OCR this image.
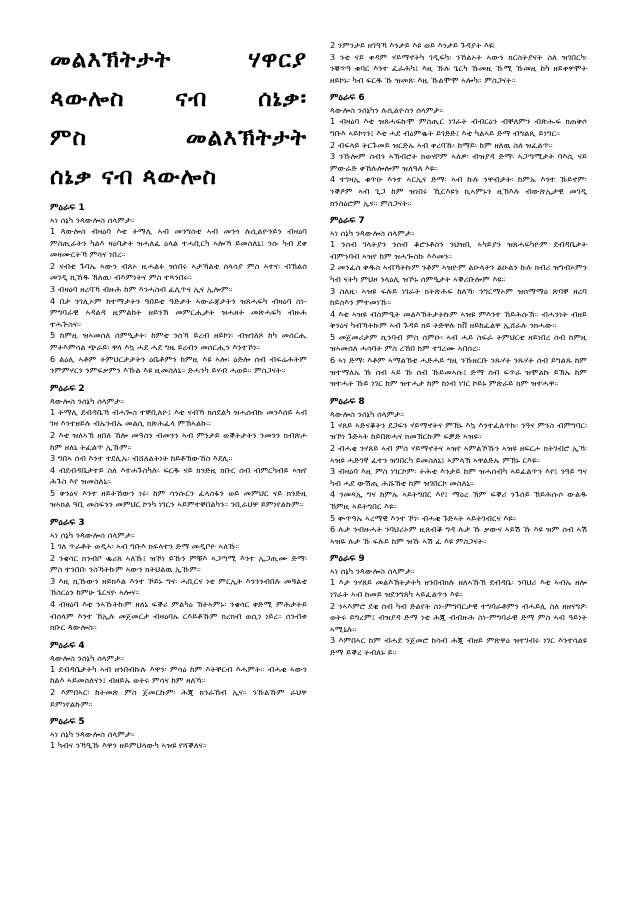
መልእኽትታት ሃዋርያ
ጳውሎስ ናብ ሰኔቃ፡
ምስ መልእኽትታት
ሰኔቃ ናብ ጳውሎስ
ምዕራፍ 1
ኣነ ሰኔካ ንጳውሎስ ሰላምታ።

1 ጳውሎስ ብዛዕባ እቲ ትማሊ ኣብ መንግስቲ ኣብ መንጎ ሉሲልዮንይን ብዛዕባ ምስጢራትን ካልእ ዛዕባታት ዝሓለፈ ዕላል ተሓቢርካ ኣሎኻ ይመስለኒ፤ ንሱ ካብ ደቀ መዛሙርትኻ ምሳና ነበረ።

2 ናብቲ ጉባኤ ኣውን ብጸኦ ዚሓልፉ ዝነበሩ ኣታኻልቲ ሰላሳያ ምስ ኣተና፡ ብኽልሰ መገዲ ኪኸዱ ኸለዉ፡ ብእምነትና ምስ ተጻንበሩ።

3 ብዛዕባ ዘረባኻ ብዙሕ ከም እንሓስብ ፈሊጥና ኢና ኢሎም።

4 በታ ንገሊኦም ከተማታትን ዓበይቲ ዓድታት ኣውራጃታትን ዝጸሓፍካ ብዛዕባ ስነ-ምግባራዊ ኣዳልዳ ዚምልከት ዘይንኽ መምርሒታት ዝሓዘት መጽሓፍካ ብዙሕ ተሓጕስና።

5 ከምዚ ዝኣመሰለ ሰምዒታት፡ ከምቲ ንሰኻ ይረብ ዘይኮነ፡ ብዝገለጾ ከካ መሰርሒ ምትእምሳል ጭራይ፡ ዋላ እኳ ሓደ ሓደ ግዜ ይረብን መሰርሒን እንተኾነ።

6 ልዕሊ ኣቶም ትምህርታታትን ዕቤቶምን ከምዚ እዩ ኣሎ፡ ዕድሎ ሰብ ብፍሬሕትም ንምምሃርን ንምፍቃምን እኹል እዩ ዚመስለኒ። ድሓንካ ይሃብ ሓወይ። ምስጋናት።

ምዕራፍ 2
ጳውሎስ ንሰኔካ ሰላምታ።

1 ትማሊ ደብዳቤኻ ብሓጐስ ተቐቢለዮ፤ እቲ ናብኻ ክሰደልካ ዝሓሰብኩ መንእሰይ ኣብ ገዛ እንተዘይሉ ብኡንብኡ መልሲ ክጽሕፈላ ምኽኣልኩ።

2 እቲ ዝለኣኽ ዘበለ ኸሎ መዓስን ብመንን ኣብ ምንታይ ወቕትታትን ንመንን ክብጽሖ ከም ዘለኒ ትፈልጥ ኢኹም።

3 ግበኣ ሰብ እንተ ተደሊኡ፡ ብሸለልትነት ከይቶኽውኸስ እደሊ።

4 ብደብዳቤታተይ ስለ እተሐጉስካሉ፡ ፍርዱ ናይ ክንድዚ ክቡር ሰብ ብምርካብይ ኣዝየ ሕጉስ እየ ዝመስለኒ።

5 ቅንዕና እንተ ዘይትኸውን ነሩ፡ ከም ሳንሱርን ፈላስፋን ወይ መምህር ናይ ክንድዚ ዝኣክል ዓቢ መስፍንን መምህር ኮንካ ነገርን ኣይምተቐበልካን። ንቢራህዋ ይምነየልኩም።

ምዕራፍ 3
ኣነ ሰኔካ ንጳውሎስ ሰላምታ።

1 ገለ ጥራቶት ወዲኣ፡ ኣብ ግቡእ ክፍላተን ድማ መዲቦዮ ኣለኹ።

2 ንቄሳር ክንብቦ ቈሪጸ ኣለኹ፤ ዝኾነ ይኹን ምቹእ ኣጋጣሚ እንተ ኢጋጢሙ ድማ፡ ምስ ተንበበ፡ ንስኻትኩም ኣውን ክትህልዉ ኢኹም።

3 እዚ ኪኹውን ዘይክእል እንተ ኾይኑ ግና፡ ሓቢርና ነቲ ምርኢት እንንንብበሉ መዓልቲ ኸስርዕን ከምሁ ጌርናዮ ኣሎና።

4 ብዛዕባ እቲ ንኣኹትኩም ዘለኒ ፍቕሪ ምልካዕ ኽትኣምኑ፡ ንቄሳር ቅድሚ ምሕታትይ ብሰላም እንተ ኸኢሉ መጀመርታ ብዛዕባኡ ርእይቶኹም ክረክብ ወሲነ ነይረ። ሰንብቱ ክቡር ጳውሎስ።

ምዕራፍ 4
ጳውሎስ ንሰኔካ ሰላምታ።

1 ደብዳቤታትካ ኣብ ዘንበብኩሉ እዋን፡ ምሳዕ ከም እትቐርብ እሓምት። ብሓቂ ኣውን ከልእ ኣይመስለናን፤ ብዘይኡ ወትሩ ምሳና ከም ዘለኻ።

2 እምበኣር፡ ከትመጽ ምስ ጀመርኩም፡ ሕጂ ክንራኸብ ኢና። ንኹልኹም ራህዋ ይምነየልኩም።

ምዕራፍ 5
ኣነ ሰኔካ ንጳውሎስ ሰላምታ።

1 ካብና ንኻዒኹ እዋን ዘይምህላውካ ኣዝዩ የሻቕለና።

2 ንምንታይ ዘገዓኻ እንታይ እዩ ወይ እንታይ ጉዳያት እዩ፧

3 ንቲ ናይ ቀዳም ሃይማኖትካ ገዲፍካ፡ ንኸልኦት ኣውን ክርስትያናት ስለ ዝገበርካ፡ ንቑጥዓ ቁባር እንተ ፈራሕካ፤ እዚ ኹሉ ጌርካ ኹመዚ ኹሚ ኹመዚ ከካ ዘይቀዋሞት ዘይኮኑ፡ ካብ ፍርዱ ኹ ዝመጸ፡ እዚ ኹልሞሞ ኣሎካ። ምስጋናት።

ምዕራፍ 6
ጳውሎስ ንሰኔካን ሉሲልዮስን ሰላምታ።

1 ብዛዕባ እቲ ዝጸሓፍኩሞ ምስጢር ነገራት ብብርዕን ብቐለምን ብጽሑፍ ክጠቅሶ ግቡእ ኣይኮነን፤ እቲ ሓደ ብዕምቈት ይገድድ፤ እቲ ካልኣይ ድማ ብግልጺ ይነግር።

2 ብፍላይ ትርጉመይ ዝርድኡ ኣብ ቀረባኹ፡ ከማይ፡ ከም ዘለዉ ስለ ዝፈልጥ።

3 ንኹሎም ሰብን ኣኽብሮት ክወሃቦም ኣለዎ፡ ብዝያዳ ድማ፡ ኣጋጣሚታት ባእሲ ናይ ምውራድ ቀኸሉሎሎም ዝለዓለ እዩ።

4 ተገዛኢ ቁጥዑ እንተ ኣርኢና ድማ፡ ኣብ ኩሉ ንዋብታት፡ ከምኡ እንተ ኹይኖም፡ ንቕዖም ኣብ ጊጋ ከም ዝነበሩ ኺርእዩን ኪኣምኑን ዚኽእሉ ብውጽኢታዊ መገዲ ክንስዕሮም ኢና። ምስጋናት።

ምዕራፍ 7
ኣነ ሰኔካ ንጳውሎስ ሰላምታ።

1 ንስብ ገላትያን ንሰብ ቆሮንቶስን ንህዝቢ ኣካይያን ዝጸሓፍካዮም ደብዳቤታት ብምንባብ ኣዝየ ከም ዝሓጐስኩ እእመን።

2 መንፈስ ቅዱስ ኣብኻትኩም ንቶም ኣዝዮም ልዑላትን ልዑልን ኩሉ ክብሪ ዝግብኦምን ካብ ናትካ ምህዞ ንላዕሊ ዝኾኑ ሰምዒታት ኣቕሪቡሎም እዩ።

3 ስለዚ፡ ኣዝዩ ፍሉይ ነገራት ክትጽሕፍ ከለኻ፡ ንግርማኦም ዝሰማማዕ ጽባቐ ዘረባ ከይስእን ምተመነኹ።

4 እቲ ኣዝዩ ብስምዒት መልእኽትታትኩም ኣዝዩ ምእንተ ኸይሕሱኽ። ብሓንነት ብዘይ ቅንዕና ካብኻትኩም ኣብ ጉዳይ ክይ ትድዋሉ ክቨ ዘይከፈልዋ ኢሸራሉ ንክሓው።

5 መጀመሪታም ኪንባብ ምስ ሰምዑ፡ ኣብ ሓይ ስፍራ ትምህርቲ ዘይነበረ ሰብ ከምዚ ዝኣመሰለ ሓሳባት ምስ ረኸበ ከም ተገረሙ ኣበሰረ።

6 ኣነ ድማ፡ እቶም ኣማልኽቲ ሓድሓይ ግዚ ንኹዘርቡ ንጹሃት ንጹሃት ሰብ ይግልጹ ከም ዝተማለኡ ኹ ሰብ ኣይ ኹ ሰብ ኹይመኣሱ፤ ድማ ሰብ ፍጥራ ዝሞልኩ ይኽኡ ከም ዝተሓት ኹይ ነገር ከም ዝተሓታ ከም ከነብ ነገር ኮይኑ ምጽራይ ክም ዝተሓዋ።

ምዕራፍ 8
ጳውሎስ ንሰኔካ ሰላምታ።

1 ሃጸይ ኣድናቖትን ደጋፍን ሃይማኖትና ምኽኑ እኳ እንተፈለጥኩ፡ ንዓና ምንስ ብምግባር፡ ዝኾነ ጉድኣት ከይበጽሓና ክመኽርኩም ፍቓድ ኣዝዩ።

2 ብሓቂ ንሃጸይ ኣብ ምስ ሃይማኖትና ኣዝየ ኣምልኾኹን ኣዝዩ ዘፍርሖ ክትገብሮ ኢኻ፡ ኣዝዩ ሓድገኛ ፈተን ዝገበርካ ይመስለኒ፤ ኣምላኽ ኣዋልድኡ ምኽኑ ርእዩ።

3 ብዛዕባ እዚ ምስ ነገርኮም፡ ትሕቲ እንታይ ከም ዝሓሰብካ ኣይፈልጥን እየ፤ ንዓይ ግና ካብ ሓደ ውሽጢ ሕሹኽቲ ከም ዝገበርኮ መስለኒ።

4 ንመጻኢ ግና ከምኡ ኣይትግበር እየ፤ ማዕረ ኽም ፍቕሪ ንጉሰይ ኽይሕሱሶ ውልዱ ኽምዚ ኣይትግበር እዩ።

5 ቍጥዓኡ ኣረማዊ እንተ ኾነ፡ ብሓቂ ጉድኣት ኣይትገብርና እዩ።

6 ሉታ ንብዙሓት ንባህሪኦም ዚጸብቖ ግዳ ሉታ ኹ ቃውና ኣይሽ ኹ እዩ ዝም ሰብ ኣሽ ኣዝዬ ሉታ ኹ ፍሉይ ከም ዝኹ ኣሽ ፈ እዩ ምስጋናት።

ምዕራፍ 9
ኣነ ሰኔካ ንጳውሎስ ሰላምታ።

1 እታ ንሃጸይ መልእኽትታትካ ዘንበብክሉ ዘለኣኹኽ ደብዳቤ፡ ንባህሪ እቲ ኣብኡ ዘሎ ነገራት ኣብ ከመይ ዝደንግጸካ ኣይፈልጥን እዩ።

2 ንኣእምሮ ደቂ ሰብ ካብ ድልየት ስነ-ምግባርታዊ ተግባራቶምን ብሓይሊ ስለ ዘዘናግዖ፡ ወትሩ ይግረም፤ ብዝያዳ ድማ ነቲ ሕጂ ብብዙሕ ስነ-ምግባራዊ ድማ ምስ ኣብ ዓይነት ኣሚኒሉ።

3 እምበኣር ከም ብሓደ ንጀመሮ ከሳብ ሕጂ ብዘይ ምጽዋዕ ዝተገብሩ ነገር እንተሳልዩ ድማ ይቕረ ትብለኑ ይ።
